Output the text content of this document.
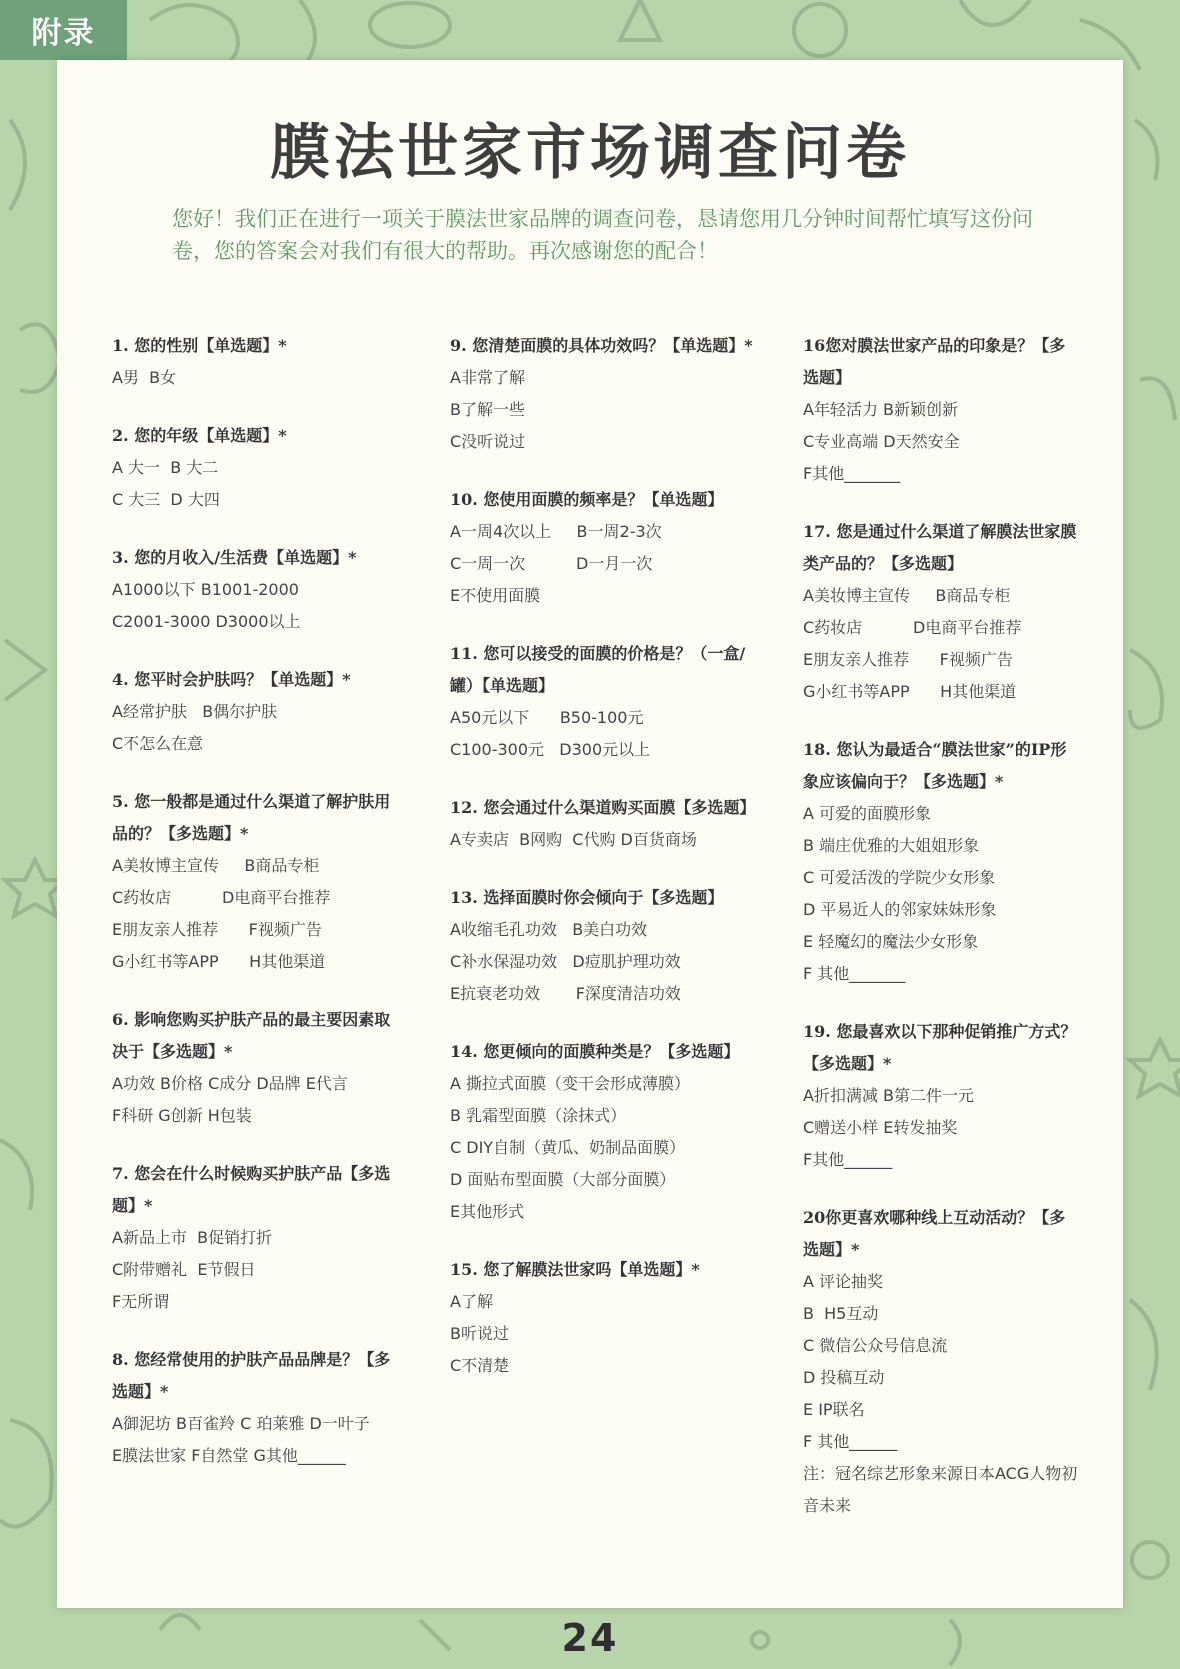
附录
膜法世家市场调查问卷
您好！我们正在进行一项关于膜法世家品牌的调查问卷，恳请您用几分钟时间帮忙填写这份问卷，您的答案会对我们有很大的帮助。再次感谢您的配合！
1. 您的性别【单选题】*
A男  B女
2. 您的年级【单选题】*
A 大一  B 大二
C 大三  D 大四
3. 您的月收入/生活费【单选题】*
A1000以下 B1001-2000
C2001-3000 D3000以上
4. 您平时会护肤吗？【单选题】*
A经常护肤   B偶尔护肤
C不怎么在意
5. 您一般都是通过什么渠道了解护肤用品的？【多选题】*
A美妆博主宣传     B商品专柜
C药妆店          D电商平台推荐
E朋友亲人推荐      F视频广告
G小红书等APP      H其他渠道
6. 影响您购买护肤产品的最主要因素取决于【多选题】*
A功效 B价格 C成分 D品牌 E代言
F科研 G创新 H包装
7. 您会在什么时候购买护肤产品【多选题】*
A新品上市  B促销打折
C附带赠礼  E节假日
F无所谓
8. 您经常使用的护肤产品品牌是？【多选题】*
A御泥坊 B百雀羚 C 珀莱雅 D一叶子
E膜法世家 F自然堂 G其他______
9. 您清楚面膜的具体功效吗？【单选题】*
A非常了解
B了解一些
C没听说过
10. 您使用面膜的频率是？【单选题】
A一周4次以上     B一周2-3次
C一周一次          D一月一次
E不使用面膜
11. 您可以接受的面膜的价格是？（一盒/罐）【单选题】
A50元以下      B50-100元
C100-300元   D300元以上
12. 您会通过什么渠道购买面膜【多选题】
A专卖店  B网购  C代购 D百货商场
13. 选择面膜时你会倾向于【多选题】
A收缩毛孔功效   B美白功效
C补水保湿功效   D痘肌护理功效
E抗衰老功效       F深度清洁功效
14. 您更倾向的面膜种类是？【多选题】
A 撕拉式面膜（变干会形成薄膜）
B 乳霜型面膜（涂抹式）
C DIY自制（黄瓜、奶制品面膜）
D 面贴布型面膜（大部分面膜）
E其他形式
15. 您了解膜法世家吗【单选题】*
A了解
B听说过
C不清楚
16您对膜法世家产品的印象是？【多选题】
A年轻活力 B新颖创新
C专业高端 D天然安全
F其他_______
17. 您是通过什么渠道了解膜法世家膜类产品的？【多选题】
A美妆博主宣传     B商品专柜
C药妆店          D电商平台推荐
E朋友亲人推荐      F视频广告
G小红书等APP      H其他渠道
18. 您认为最适合“膜法世家”的IP形象应该偏向于？【多选题】*
A 可爱的面膜形象
B 端庄优雅的大姐姐形象
C 可爱活泼的学院少女形象
D 平易近人的邻家妹妹形象
E 轻魔幻的魔法少女形象
F 其他_______
19. 您最喜欢以下那种促销推广方式？【多选题】*
A折扣满减 B第二件一元
C赠送小样 E转发抽奖
F其他______
20你更喜欢哪种线上互动活动？【多选题】*
A 评论抽奖
B  H5互动
C 微信公众号信息流
D 投稿互动
E IP联名
F 其他______
注：冠名综艺形象来源日本ACG人物初音未来
24
